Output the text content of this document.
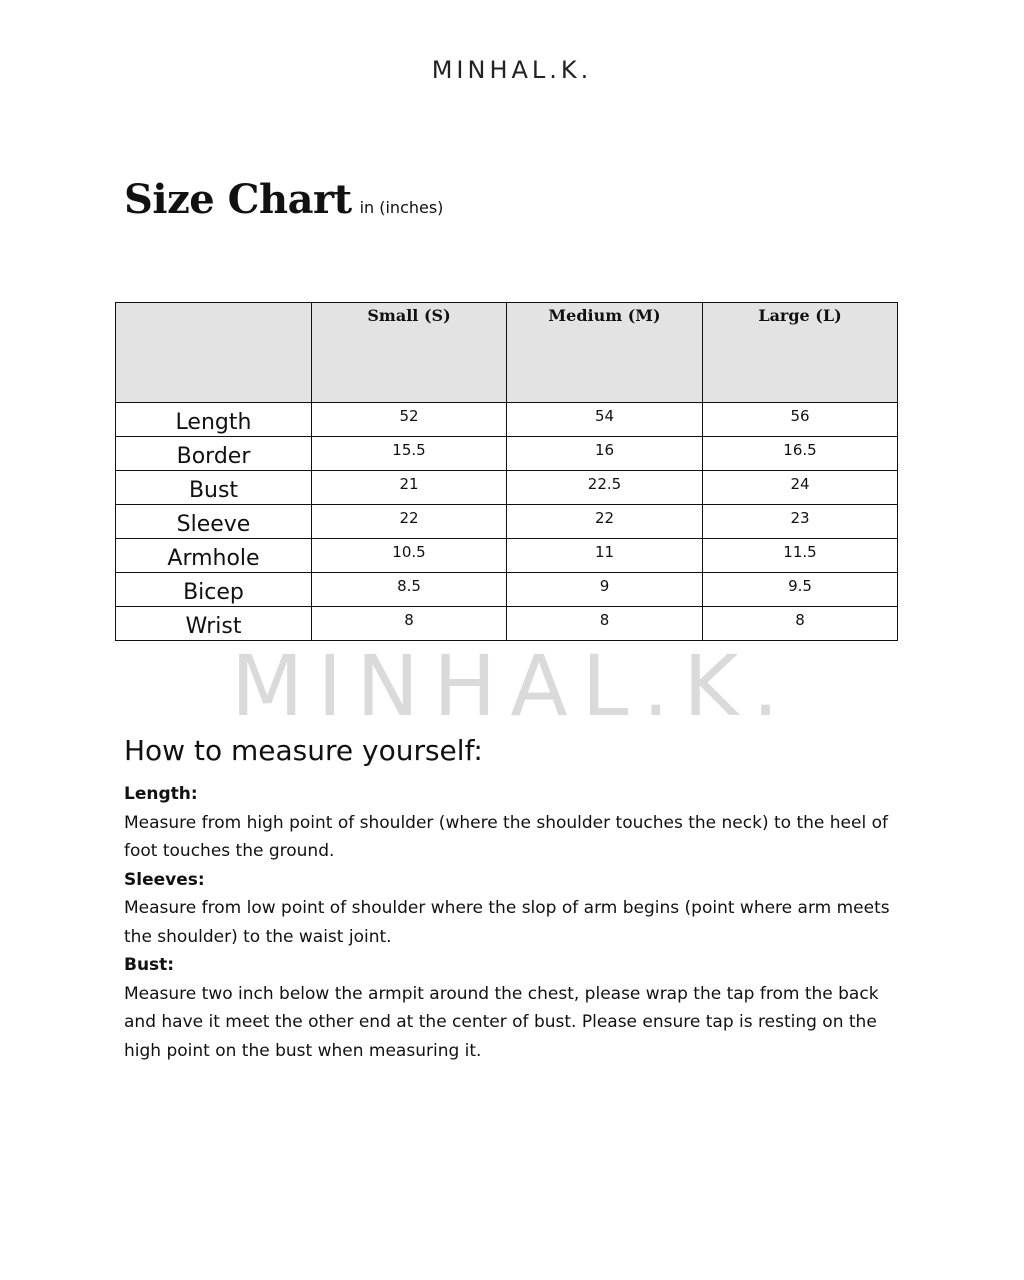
MINHAL.K.
Size Chart in (inches)
	Small (S)	Medium (M)	Large (L)
Length	52	54	56
Border	15.5	16	16.5
Bust	21	22.5	24
Sleeve	22	22	23
Armhole	10.5	11	11.5
Bicep	8.5	9	9.5
Wrist	8	8	8
MINHAL.K.
How to measure yourself:

Length:

Measure from high point of shoulder (where the shoulder touches the neck) to the heel of foot touches the ground.

Sleeves:

Measure from low point of shoulder where the slop of arm begins (point where arm meets the shoulder) to the waist joint.

Bust:

Measure two inch below the armpit around the chest, please wrap the tap from the back and have it meet the other end at the center of bust. Please ensure tap is resting on the high point on the bust when measuring it.
